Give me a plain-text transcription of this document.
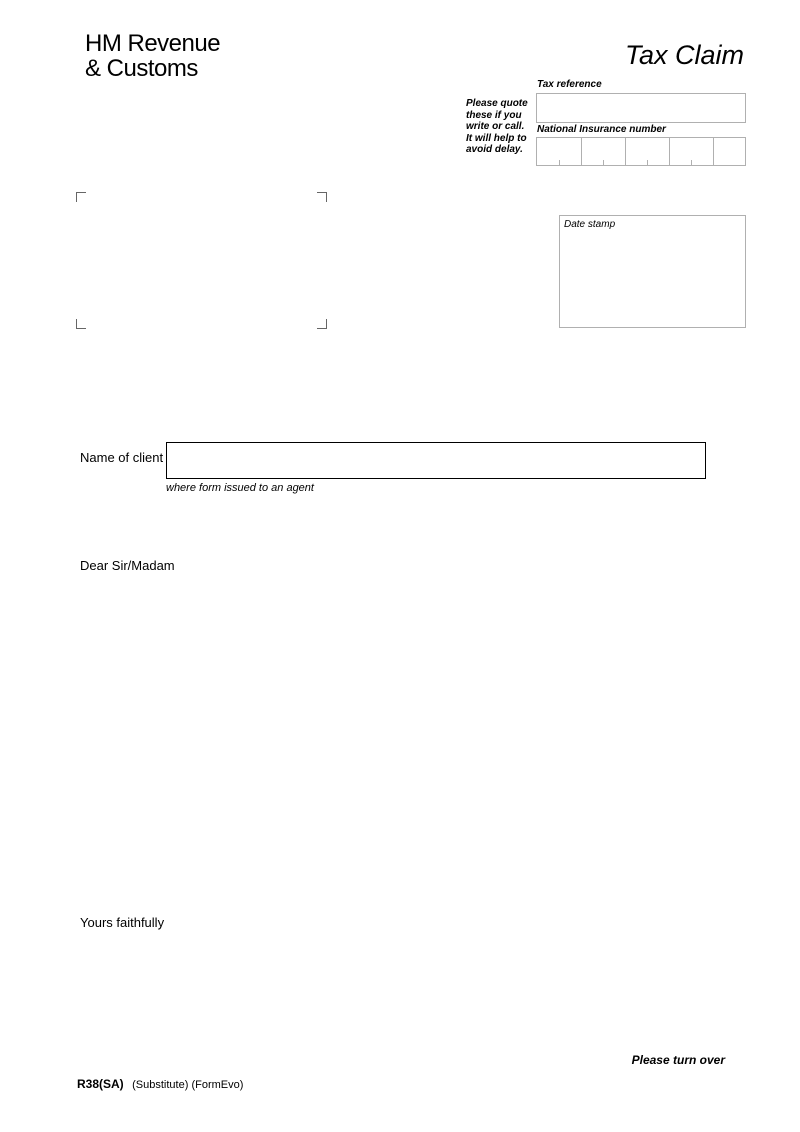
HM Revenue
& Customs	Tax Claim
Please quote
these if you
write or call.
It will help to
avoid delay.
Tax reference
National Insurance number
Date stamp
Name of client
where form issued to an agent
Dear Sir/Madam
Yours faithfully
Please turn over
R38(SA) (Substitute) (FormEvo)
